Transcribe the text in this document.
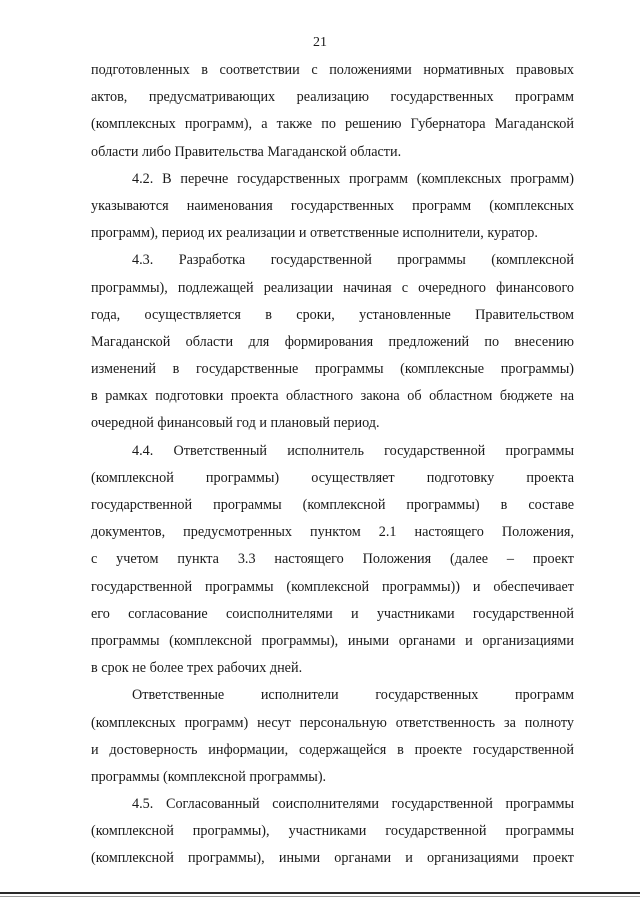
21
подготовленных в соответствии с положениями нормативных правовых
актов, предусматривающих реализацию государственных программ
(комплексных программ), а также по решению Губернатора Магаданской
области либо Правительства Магаданской области.
4.2. В перечне государственных программ (комплексных программ)
указываются наименования государственных программ (комплексных
программ), период их реализации и ответственные исполнители, куратор.
4.3. Разработка государственной программы (комплексной
программы), подлежащей реализации начиная с очередного финансового
года, осуществляется в сроки, установленные Правительством
Магаданской области для формирования предложений по внесению
изменений в государственные программы (комплексные программы)
в рамках подготовки проекта областного закона об областном бюджете на
очередной финансовый год и плановый период.
4.4. Ответственный исполнитель государственной программы
(комплексной программы) осуществляет подготовку проекта
государственной программы (комплексной программы) в составе
документов, предусмотренных пунктом 2.1 настоящего Положения,
с учетом пункта 3.3 настоящего Положения (далее – проект
государственной программы (комплексной программы)) и обеспечивает
его согласование соисполнителями и участниками государственной
программы (комплексной программы), иными органами и организациями
в срок не более трех рабочих дней.
Ответственные исполнители государственных программ
(комплексных программ) несут персональную ответственность за полноту
и достоверность информации, содержащейся в проекте государственной
программы (комплексной программы).
4.5. Согласованный соисполнителями государственной программы
(комплексной программы), участниками государственной программы
(комплексной программы), иными органами и организациями проект
